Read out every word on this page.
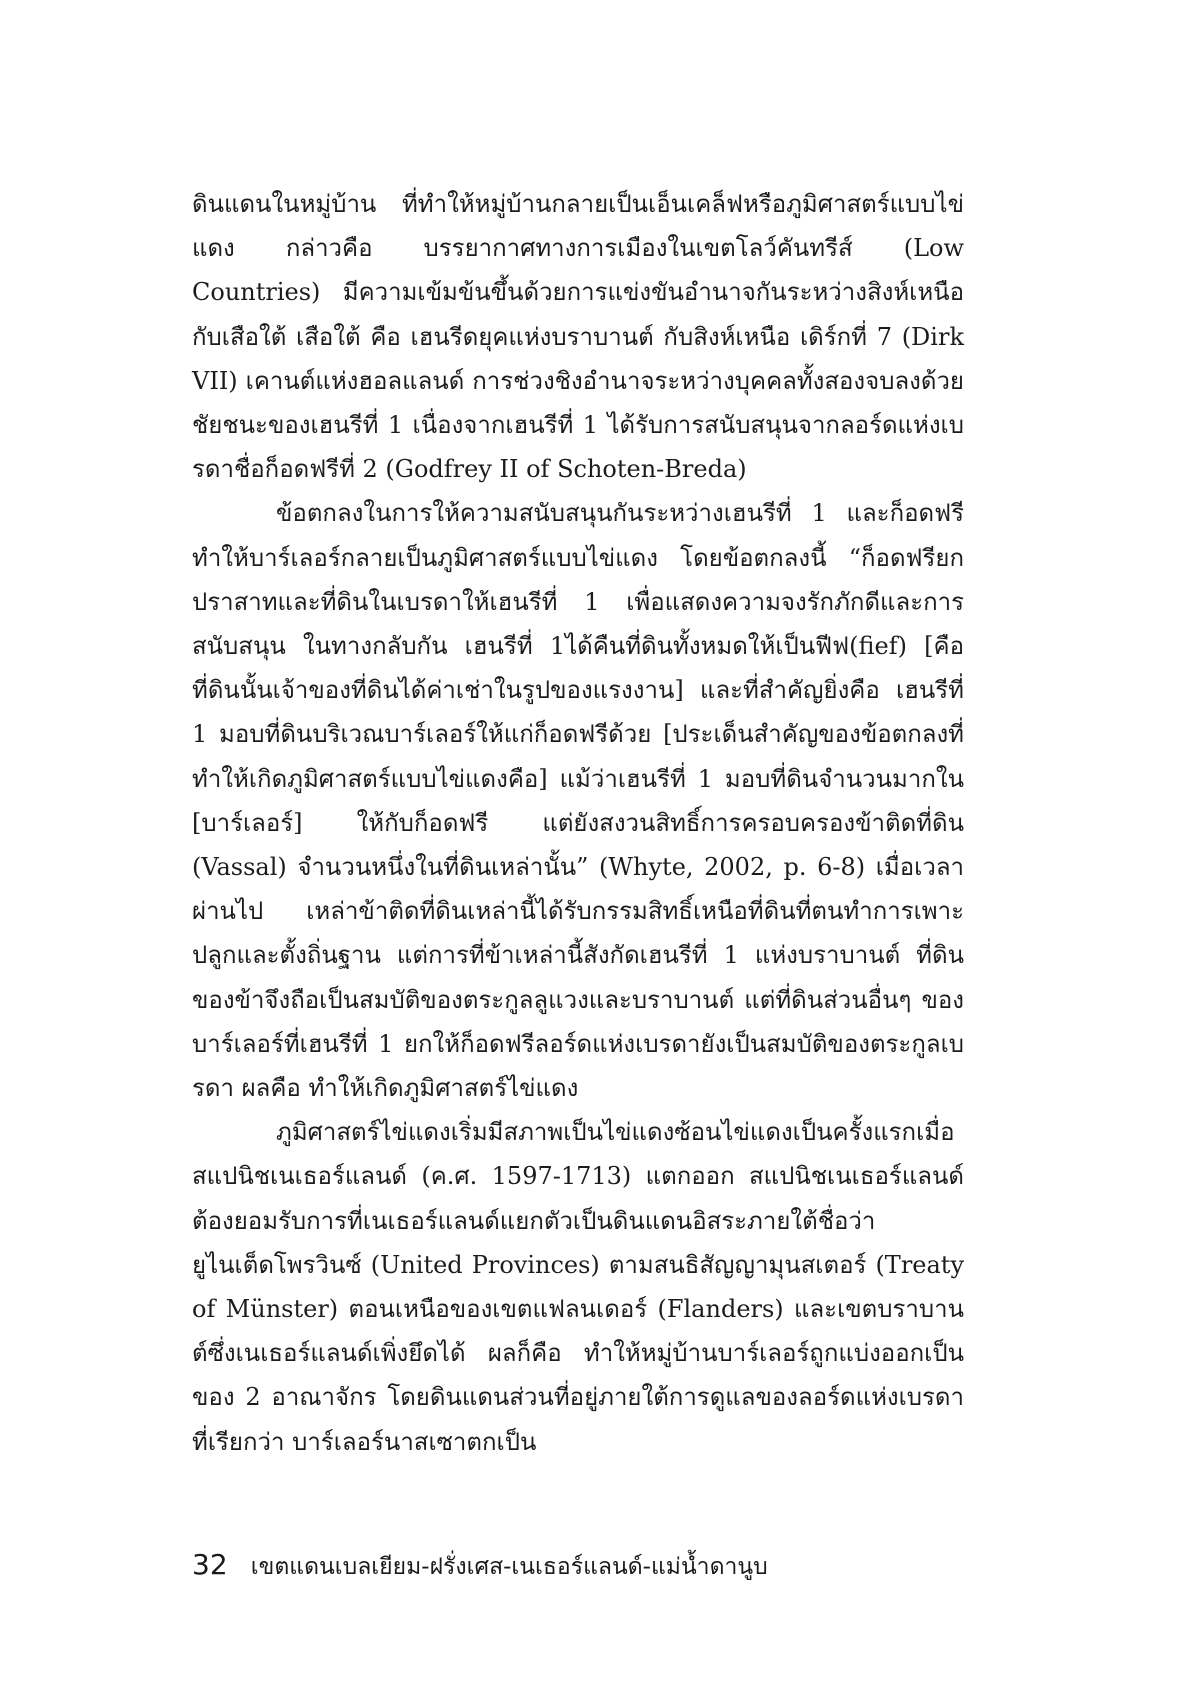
ดินแดนในหมู่บ้าน ที่ทำให้หมู่บ้านกลายเป็นเอ็นเคล็ฟหรือภูมิศาสตร์แบบไข่แดง กล่าวคือ บรรยากาศทางการเมืองในเขตโลว์คันทรีส์ (Low Countries) มีความเข้มข้นขึ้นด้วยการแข่งขันอำนาจกันระหว่างสิงห์เหนือกับเสือใต้ เสือใต้ คือ เฮนรีดยุคแห่งบราบานต์ กับสิงห์เหนือ เดิร์กที่ 7 (Dirk VII) เคานต์แห่งฮอลแลนด์ การช่วงชิงอำนาจระหว่างบุคคลทั้งสองจบลงด้วยชัยชนะของเฮนรีที่ 1 เนื่องจากเฮนรีที่ 1 ได้รับการสนับสนุนจากลอร์ดแห่งเบรดาชื่อก็อดฟรีที่ 2 (Godfrey II of Schoten-Breda)

ข้อตกลงในการให้ความสนับสนุนกันระหว่างเฮนรีที่ 1 และก็อดฟรีทำให้บาร์เลอร์กลายเป็นภูมิศาสตร์แบบไข่แดง โดยข้อตกลงนี้ “ก็อดฟรียกปราสาทและที่ดินในเบรดาให้เฮนรีที่ 1 เพื่อแสดงความจงรักภักดีและการสนับสนุน ในทางกลับกัน เฮนรีที่ 1ได้คืนที่ดินทั้งหมดให้เป็นฟีฟ(fief) [คือที่ดินนั้นเจ้าของที่ดินได้ค่าเช่าในรูปของแรงงาน] และที่สำคัญยิ่งคือ เฮนรีที่ 1 มอบที่ดินบริเวณบาร์เลอร์ให้แก่ก็อดฟรีด้วย [ประเด็นสำคัญของข้อตกลงที่ทำให้เกิดภูมิศาสตร์แบบไข่แดงคือ] แม้ว่าเฮนรีที่ 1 มอบที่ดินจำนวนมากใน [บาร์เลอร์] ให้กับก็อดฟรี แต่ยังสงวนสิทธิ์การครอบครองข้าติดที่ดิน (Vassal) จำนวนหนึ่งในที่ดินเหล่านั้น” (Whyte, 2002, p. 6-8) เมื่อเวลาผ่านไป เหล่าข้าติดที่ดินเหล่านี้ได้รับกรรมสิทธิ์เหนือที่ดินที่ตนทำการเพาะปลูกและตั้งถิ่นฐาน แต่การที่ข้าเหล่านี้สังกัดเฮนรีที่ 1 แห่งบราบานต์ ที่ดินของข้าจึงถือเป็นสมบัติของตระกูลลูแวงและบราบานต์ แต่ที่ดินส่วนอื่นๆ ของบาร์เลอร์ที่เฮนรีที่ 1 ยกให้ก็อดฟรีลอร์ดแห่งเบรดายังเป็นสมบัติของตระกูลเบรดา ผลคือ ทำให้เกิดภูมิศาสตร์ไข่แดง

ภูมิศาสตร์ไข่แดงเริ่มมีสภาพเป็นไข่แดงซ้อนไข่แดงเป็นครั้งแรกเมื่อสแปนิชเนเธอร์แลนด์ (ค.ศ. 1597-1713) แตกออก สแปนิชเนเธอร์แลนด์ต้องยอมรับการที่เนเธอร์แลนด์แยกตัวเป็นดินแดนอิสระภายใต้ชื่อว่า ยูไนเต็ดโพรวินซ์ (United Provinces) ตามสนธิสัญญามุนสเตอร์ (Treaty of Münster) ตอนเหนือของเขตแฟลนเดอร์ (Flanders) และเขตบราบานต์ซึ่งเนเธอร์แลนด์เพิ่งยึดได้ ผลก็คือ ทำให้หมู่บ้านบาร์เลอร์ถูกแบ่งออกเป็นของ 2 อาณาจักร โดยดินแดนส่วนที่อยู่ภายใต้การดูแลของลอร์ดแห่งเบรดาที่เรียกว่า บาร์เลอร์นาสเซาตกเป็น

32 เขตแดนเบลเยียม-ฝรั่งเศส-เนเธอร์แลนด์-แม่น้ำดานูบ
